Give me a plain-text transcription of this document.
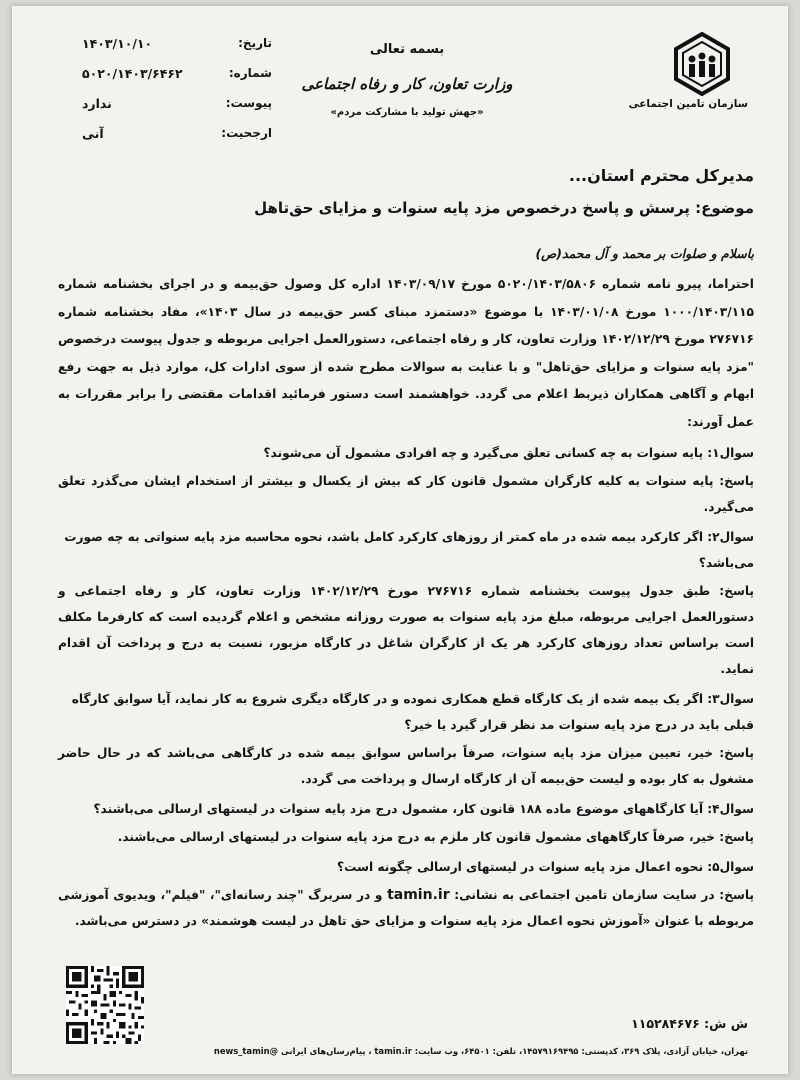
سازمان تامین اجتماعی
بسمه تعالی
وزارت تعاون، کار و رفاه اجتماعی
«جهش تولید با مشارکت مردم»
تاریخ:
۱۴۰۳/۱۰/۱۰
شماره:
۵۰۲۰/۱۴۰۳/۶۴۶۲
پیوست:
ندارد
ارجحیت:
آنی
مدیرکل محترم استان...
موضوع: پرسش و پاسخ درخصوص مزد پایه سنوات و مزایای حق‌تاهل
باسلام و صلوات بر محمد و آل محمد(ص)
احتراما، پیرو نامه شماره ۵۰۲۰/۱۴۰۳/۵۸۰۶ مورخ ۱۴۰۳/۰۹/۱۷ اداره کل وصول حق‌بیمه و در اجرای بخشنامه شماره ۱۰۰۰/۱۴۰۳/۱۱۵ مورخ ۱۴۰۳/۰۱/۰۸ با موضوع «دستمزد مبنای کسر حق‌بیمه در سال ۱۴۰۳»، مفاد بخشنامه شماره ۲۷۶۷۱۶ مورخ ۱۴۰۲/۱۲/۲۹ وزارت تعاون، کار و رفاه اجتماعی، دستورالعمل اجرایی مربوطه و جدول پیوست درخصوص "مزد پایه سنوات و مزایای حق‌تاهل" و با عنایت به سوالات مطرح شده از سوی ادارات کل، موارد ذیل به جهت رفع ابهام و آگاهی همکاران ذیربط اعلام می گردد. خواهشمند است دستور فرمائید اقدامات مقتضی را برابر مقررات به عمل آورند:
سوال۱: پایه سنوات به چه کسانی تعلق می‌گیرد و چه افرادی مشمول آن می‌شوند؟
پاسخ: پایه سنوات به کلیه کارگران مشمول قانون کار که بیش از یکسال و بیشتر از استخدام ایشان می‌گذرد تعلق می‌گیرد.
سوال۲: اگر کارکرد بیمه شده در ماه کمتر از روزهای کارکرد کامل باشد، نحوه محاسبه مزد پایه سنواتی به چه صورت می‌باشد؟
پاسخ: طبق جدول پیوست بخشنامه شماره ۲۷۶۷۱۶ مورخ ۱۴۰۲/۱۲/۲۹ وزارت تعاون، کار و رفاه اجتماعی و دستورالعمل اجرایی مربوطه، مبلغ مزد پایه سنوات به صورت روزانه مشخص و اعلام گردیده است که کارفرما مکلف است براساس تعداد روزهای کارکرد هر یک از کارگران شاغل در کارگاه مزبور، نسبت به درج و پرداخت آن اقدام نماید.
سوال۳: اگر یک بیمه شده از یک کارگاه قطع همکاری نموده و در کارگاه دیگری شروع به کار نماید، آیا سوابق کارگاه قبلی باید در درج مزد پایه سنوات مد نظر قرار گیرد یا خیر؟
پاسخ: خیر، تعیین میزان مزد پایه سنوات، صرفاً براساس سوابق بیمه شده در کارگاهی می‌باشد که در حال حاضر مشغول به کار بوده و لیست حق‌بیمه آن از کارگاه ارسال و پرداخت می گردد.
سوال۴: آیا کارگاههای موضوع ماده ۱۸۸ قانون کار، مشمول درج مزد پایه سنوات در لیستهای ارسالی می‌باشند؟
پاسخ: خیر، صرفاً کارگاههای مشمول قانون کار ملزم به درج مزد پایه سنوات در لیستهای ارسالی می‌باشند.
سوال۵: نحوه اعمال مزد پایه سنوات در لیستهای ارسالی چگونه است؟
پاسخ: در سایت سازمان تامین اجتماعی به نشانی: tamin.ir و در سربرگ "چند رسانه‌ای"، "فیلم"، ویدیوی آموزشی مربوطه با عنوان «آموزش نحوه اعمال مزد پایه سنوات و مزایای حق تاهل در لیست هوشمند» در دسترس می‌باشد.
ش ش: ۱۱۵۲۸۴۶۷۶
تهران، خیابان آزادی، پلاک ۳۶۹، کدپستی: ۱۴۵۷۹۱۶۹۴۹۵، تلفن: ۶۴۵۰۱، وب سایت: tamin.ir ، پیام‌رسان‌های ایرانی @news_tamin
